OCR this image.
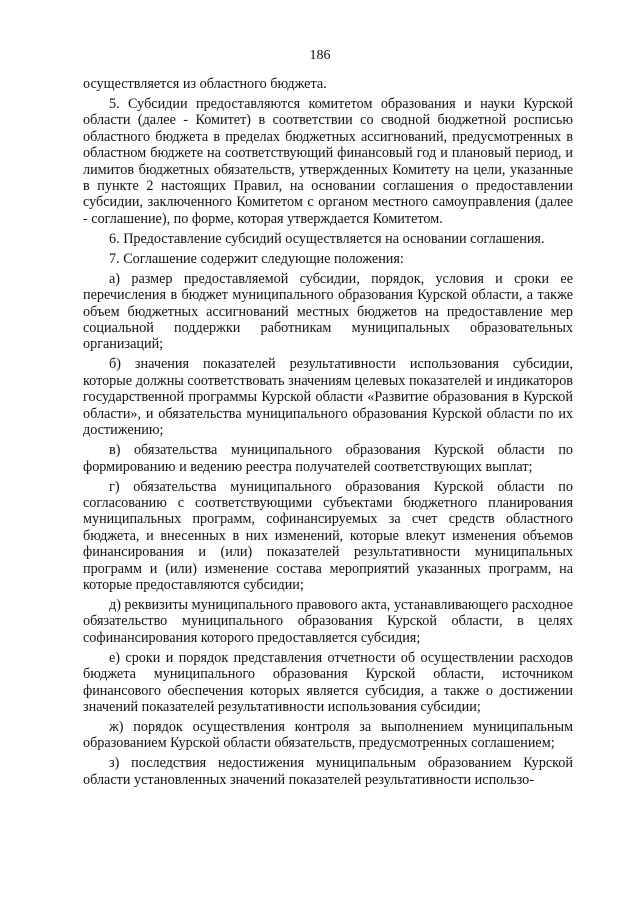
186

осуществляется из областного бюджета.

5. Субсидии предоставляются комитетом образования и науки Курской области (далее - Комитет) в соответствии со сводной бюджетной росписью областного бюджета в пределах бюджетных ассигнований, предусмотренных в областном бюджете на соответствующий финансовый год и плановый период, и лимитов бюджетных обязательств, утвержденных Комитету на цели, указанные в пункте 2 настоящих Правил, на основании соглашения о предоставлении субсидии, заключенного Комитетом с органом местного самоуправления (далее - соглашение), по форме, которая утверждается Комитетом.

6. Предоставление субсидий осуществляется на основании соглашения.

7. Соглашение содержит следующие положения:

а) размер предоставляемой субсидии, порядок, условия и сроки ее перечисления в бюджет муниципального образования Курской области, а также объем бюджетных ассигнований местных бюджетов на предоставление мер социальной поддержки работникам муниципальных образовательных организаций;

б) значения показателей результативности использования субсидии, которые должны соответствовать значениям целевых показателей и индикаторов государственной программы Курской области «Развитие образования в Курской области», и обязательства муниципального образования Курской области по их достижению;

в) обязательства муниципального образования Курской области по формированию и ведению реестра получателей соответствующих выплат;

г) обязательства муниципального образования Курской области по согласованию с соответствующими субъектами бюджетного планирования муниципальных программ, софинансируемых за счет средств областного бюджета, и внесенных в них изменений, которые влекут изменения объемов финансирования и (или) показателей результативности муниципальных программ и (или) изменение состава мероприятий указанных программ, на которые предоставляются субсидии;

д) реквизиты муниципального правового акта, устанавливающего расходное обязательство муниципального образования Курской области, в целях софинансирования которого предоставляется субсидия;

е) сроки и порядок представления отчетности об осуществлении расходов бюджета муниципального образования Курской области, источником финансового обеспечения которых является субсидия, а также о достижении значений показателей результативности использования субсидии;

ж) порядок осуществления контроля за выполнением муниципальным образованием Курской области обязательств, предусмотренных соглашением;

з) последствия недостижения муниципальным образованием Курской области установленных значений показателей результативности использо-
